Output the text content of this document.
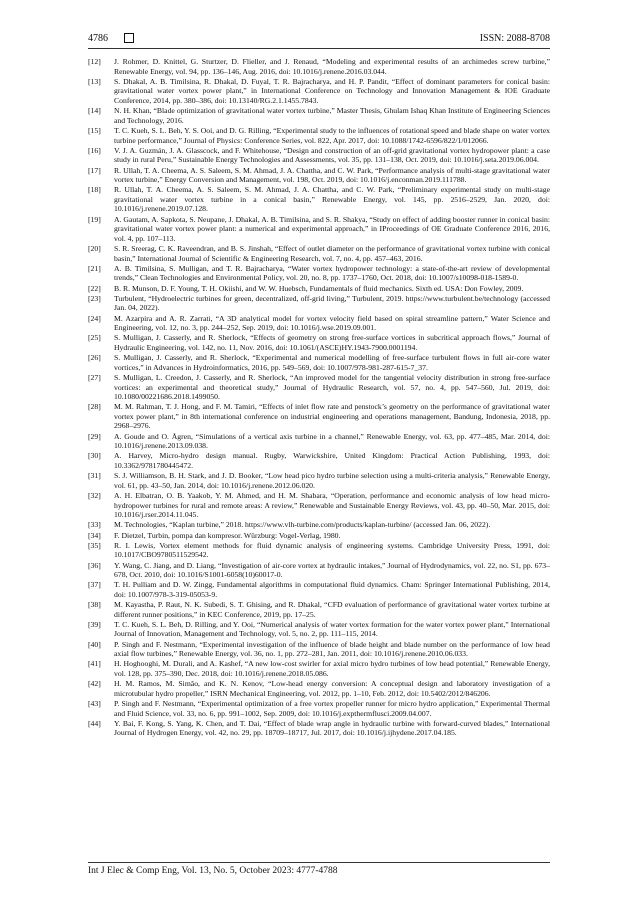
4786	ISSN: 2088-8708
[12] J. Rohmer, D. Knittel, G. Sturtzer, D. Flieller, and J. Renaud, “Modeling and experimental results of an archimedes screw turbine,” Renewable Energy, vol. 94, pp. 136–146, Aug. 2016, doi: 10.1016/j.renene.2016.03.044.
[13] S. Dhakal, A. B. Timilsina, R. Dhakal, D. Fuyal, T. R. Bajracharya, and H. P. Pandit, “Effect of dominant parameters for conical basin: gravitational water vortex power plant,” in International Conference on Technology and Innovation Management & IOE Graduate Conference, 2014, pp. 380–386, doi: 10.13140/RG.2.1.1455.7843.
[14] N. H. Khan, “Blade optimization of gravitational water vortex turbine,” Master Thesis, Ghulam Ishaq Khan Institute of Engineering Sciences and Technology, 2016.
[15] T. C. Kueh, S. L. Beh, Y. S. Ooi, and D. G. Rilling, “Experimental study to the influences of rotational speed and blade shape on water vortex turbine performance,” Journal of Physics: Conference Series, vol. 822, Apr. 2017, doi: 10.1088/1742-6596/822/1/012066.
[16] V. J. A. Guzmán, J. A. Glasscock, and F. Whitehouse, “Design and construction of an off-grid gravitational vortex hydropower plant: a case study in rural Peru,” Sustainable Energy Technologies and Assessments, vol. 35, pp. 131–138, Oct. 2019, doi: 10.1016/j.seta.2019.06.004.
[17] R. Ullah, T. A. Cheema, A. S. Saleem, S. M. Ahmad, J. A. Chattha, and C. W. Park, “Performance analysis of multi-stage gravitational water vortex turbine,” Energy Conversion and Management, vol. 198, Oct. 2019, doi: 10.1016/j.enconman.2019.111788.
[18] R. Ullah, T. A. Cheema, A. S. Saleem, S. M. Ahmad, J. A. Chattha, and C. W. Park, “Preliminary experimental study on multi-stage gravitational water vortex turbine in a conical basin,” Renewable Energy, vol. 145, pp. 2516–2529, Jan. 2020, doi: 10.1016/j.renene.2019.07.128.
[19] A. Gautam, A. Sapkota, S. Neupane, J. Dhakal, A. B. Timilsina, and S. R. Shakya, “Study on effect of adding booster runner in conical basin: gravitational water vortex power plant: a numerical and experimental approach,” in IProceedings of OE Graduate Conference 2016, 2016, vol. 4, pp. 107–113.
[20] S. R. Sreerag, C. K. Raveendran, and B. S. Jinshah, “Effect of outlet diameter on the performance of gravitational vortex turbine with conical basin,” International Journal of Scientific & Engineering Research, vol. 7, no. 4, pp. 457–463, 2016.
[21] A. B. Timilsina, S. Mulligan, and T. R. Bajracharya, “Water vortex hydropower technology: a state-of-the-art review of developmental trends,” Clean Technologies and Environmental Policy, vol. 20, no. 8, pp. 1737–1760, Oct. 2018, doi: 10.1007/s10098-018-1589-0.
[22] B. R. Munson, D. F. Young, T. H. Okiishi, and W. W. Huebsch, Fundamentals of fluid mechanics. Sixth ed. USA: Don Fowley, 2009.
[23] Turbulent, “Hydroelectric turbines for green, decentralized, off-grid living,” Turbulent, 2019. https://www.turbulent.be/technology (accessed Jan. 04, 2022).
[24] M. Azarpira and A. R. Zarrati, “A 3D analytical model for vortex velocity field based on spiral streamline pattern,” Water Science and Engineering, vol. 12, no. 3, pp. 244–252, Sep. 2019, doi: 10.1016/j.wse.2019.09.001.
[25] S. Mulligan, J. Casserly, and R. Sherlock, “Effects of geometry on strong free-surface vortices in subcritical approach flows,” Journal of Hydraulic Engineering, vol. 142, no. 11, Nov. 2016, doi: 10.1061/(ASCE)HY.1943-7900.0001194.
[26] S. Mulligan, J. Casserly, and R. Sherlock, “Experimental and numerical modelling of free-surface turbulent flows in full air-core water vortices,” in Advances in Hydroinformatics, 2016, pp. 549–569, doi: 10.1007/978-981-287-615-7_37.
[27] S. Mulligan, L. Creedon, J. Casserly, and R. Sherlock, “An improved model for the tangential velocity distribution in strong free-surface vortices: an experimental and theoretical study,” Journal of Hydraulic Research, vol. 57, no. 4, pp. 547–560, Jul. 2019, doi: 10.1080/00221686.2018.1499050.
[28] M. M. Rahman, T. J. Hong, and F. M. Tamiri, “Effects of inlet flow rate and penstock’s geometry on the performance of gravitational water vortex power plant,” in 8th international conference on industrial engineering and operations management, Bandung, Indonesia, 2018, pp. 2968–2976.
[29] A. Goude and O. Ågren, “Simulations of a vertical axis turbine in a channel,” Renewable Energy, vol. 63, pp. 477–485, Mar. 2014, doi: 10.1016/j.renene.2013.09.038.
[30] A. Harvey, Micro-hydro design manual. Rugby, Warwickshire, United Kingdom: Practical Action Publishing, 1993, doi: 10.3362/9781780445472.
[31] S. J. Williamson, B. H. Stark, and J. D. Booker, “Low head pico hydro turbine selection using a multi-criteria analysis,” Renewable Energy, vol. 61, pp. 43–50, Jan. 2014, doi: 10.1016/j.renene.2012.06.020.
[32] A. H. Elbatran, O. B. Yaakob, Y. M. Ahmed, and H. M. Shabara, “Operation, performance and economic analysis of low head micro-hydropower turbines for rural and remote areas: A review,” Renewable and Sustainable Energy Reviews, vol. 43, pp. 40–50, Mar. 2015, doi: 10.1016/j.rser.2014.11.045.
[33] M. Technologies, “Kaplan turbine,” 2018. https://www.vlh-turbine.com/products/kaplan-turbine/ (accessed Jan. 06, 2022).
[34] F. Dietzel, Turbin, pompa dan kompresor. Würzburg: Vogel-Verlag, 1980.
[35] R. I. Lewis, Vortex element methods for fluid dynamic analysis of engineering systems. Cambridge University Press, 1991, doi: 10.1017/CBO9780511529542.
[36] Y. Wang, C. Jiang, and D. Liang, “Investigation of air-core vortex at hydraulic intakes,” Journal of Hydrodynamics, vol. 22, no. S1, pp. 673–678, Oct. 2010, doi: 10.1016/S1001-6058(10)60017-0.
[37] T. H. Pulliam and D. W. Zingg, Fundamental algorithms in computational fluid dynamics. Cham: Springer International Publishing, 2014, doi: 10.1007/978-3-319-05053-9.
[38] M. Kayastha, P. Raut, N. K. Subedi, S. T. Ghising, and R. Dhakal, “CFD evaluation of performance of gravitational water vortex turbine at different runner positions,” in KEC Conference, 2019, pp. 17–25.
[39] T. C. Kueh, S. L. Beh, D. Rilling, and Y. Ooi, “Numerical analysis of water vortex formation for the water vortex power plant,” International Journal of Innovation, Management and Technology, vol. 5, no. 2, pp. 111–115, 2014.
[40] P. Singh and F. Nestmann, “Experimental investigation of the influence of blade height and blade number on the performance of low head axial flow turbines,” Renewable Energy, vol. 36, no. 1, pp. 272–281, Jan. 2011, doi: 10.1016/j.renene.2010.06.033.
[41] H. Hoghooghi, M. Durali, and A. Kashef, “A new low-cost swirler for axial micro hydro turbines of low head potential,” Renewable Energy, vol. 128, pp. 375–390, Dec. 2018, doi: 10.1016/j.renene.2018.05.086.
[42] H. M. Ramos, M. Simão, and K. N. Kenov, “Low-head energy conversion: A conceptual design and laboratory investigation of a microtubular hydro propeller,” ISRN Mechanical Engineering, vol. 2012, pp. 1–10, Feb. 2012, doi: 10.5402/2012/846206.
[43] P. Singh and F. Nestmann, “Experimental optimization of a free vortex propeller runner for micro hydro application,” Experimental Thermal and Fluid Science, vol. 33, no. 6, pp. 991–1002, Sep. 2009, doi: 10.1016/j.expthermflusci.2009.04.007.
[44] Y. Bai, F. Kong, S. Yang, K. Chen, and T. Dai, “Effect of blade wrap angle in hydraulic turbine with forward-curved blades,” International Journal of Hydrogen Energy, vol. 42, no. 29, pp. 18709–18717, Jul. 2017, doi: 10.1016/j.ijhydene.2017.04.185.
Int J Elec & Comp Eng, Vol. 13, No. 5, October 2023: 4777-4788
